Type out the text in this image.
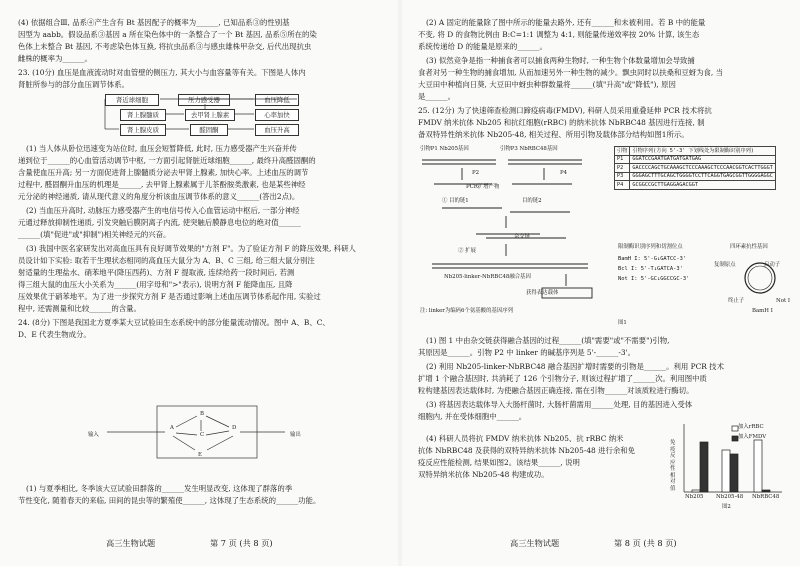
(4) 依据组合Ⅲ, 品系④产生含有 Bt 基因配子的概率为______, 已知品系③的性别基
因型为 aabb。假设品系③基因 a 所在染色体中的一条整合了一个 Bt 基因, 品系⑤所在的染
色体上未整合 Bt 基因, 不考虑染色体互换, 将抗虫品系③与感虫雄株甲杂交, 后代出现抗虫
雌株的概率为______。
23. (10分) 血压是血液流动时对血管壁的侧压力, 其大小与血容量等有关。下图是人体内
肾脏所参与的部分血压调节体系。
肾近球细胞	压力感受器	血压降低
肾上腺髓质	去甲肾上腺素	心率加快
肾上腺皮质	醛固酮	血压升高
(1) 当人体从卧位迅速变为站位时, 血压会短暂降低, 此时, 压力感受器产生兴奋并传
递到位于______的心血管活动调节中枢, 一方面引起肾脏近球细胞______, 最终升高醛固酮的
含量使血压升高; 另一方面促进肾上腺髓质分泌去甲肾上腺素, 加快心率。上述血压的调节
过程中, 醛固酮升血压的机理是______, 去甲肾上腺素属于儿茶酚胺类激素, 也是某些神经
元分泌的神经递质, 请从现代意义的角度分析该血压调节体系的意义______(答出2点)。
(2) 当血压升高时, 动脉压力感受器产生的电信号传入心血管运动中枢后, 一部分神经
元通过释放抑制性递质, 引发突触后膜阴离子内流, 使突触后膜静息电位的绝对值______
______(填"促进"或"抑制")相关神经元的兴奋。
(3) 我国中医名家研发出对高血压具有良好调节效果的"方剂 F"。为了验证方剂 F 的降压效果, 科研人
员设计如下实验: 取若干生理状态相同的高血压大鼠分为 A、B、C 三组, 给三组大鼠分别注
射适量的生理盐水、硝苯地平(降压西药)、方剂 F 提取液, 连续给药一段时间后, 若测
得三组大鼠的血压大小关系为______(用字母和">"表示), 说明方剂 F 能降血压, 且降
压效果优于硝苯地平。为了进一步探究方剂 F 是否通过影响上述血压调节体系起作用, 实验过
程中, 还需测量和比较______的含量。
24. (8分) 下图是我国北方夏季某大豆试验田生态系统中的部分能量流动情况。图中 A、B、C、
D、E 代表生物成分。
输入	输出
A
B
C
D
E
(1) 与夏季相比, 冬季该大豆试验田群落的______发生明显改变, 这体现了群落的季
节性变化, 随着春天的来临, 田间的昆虫等的繁殖使______, 这体现了生态系统的______功能。
高三生物试题	第 7 页 (共 8 页)
(2) A 固定的能量除了图中所示的能量去路外, 还有______和未被利用。若 B 中的能量
不变, 将 D 的食物比例由 B:C=1:1 调整为 4:1, 则能量传递效率按 20% 计算, 该生态
系统传递给 D 的能量是原来的______。
(3) 似然竞争是指一种捕食者可以捕食两种生物时, 一种生物个体数量增加会导致捕
食者对另一种生物的捕食增加, 从而加速另外一种生物的减少。飘虫同时以扶桑和豆蚜为食, 当
大豆田中种植向日葵, 大豆田中蚜虫种群数量将______(填"升高"或"降低"), 原因
是______。
25. (12分) 为了快速筛查检测口蹄疫病毒(FMDV), 科研人员采用重叠延伸 PCR 技术将抗
FMDV 纳米抗体 Nb205 和抗红细胞(rRBC) 的纳米抗体 NbRBC48 基因进行连接, 制
备双特异性纳米抗体 Nb205-48, 相关过程、所用引物及载体部分结构如图1所示。
引物P1 Nb205基因	引物P3 NbRBC48基因
P2	P4
PCR扩增产物
① 目的链1	目的链2
杂交链
② 扩展
Nb205-linker-NbRBC48融合基因
获得表达载体
注: linker为编码6个氨基酸的基因序列
图1
引物	引物序列(方向 5'-3' 下划线处为限制酶识别序列)
P1	GGATCCGAATGATGATGATGAG
P2	GACCCCAGCTGCAAAGCTCCCAAAGCTCCCAACGGTCACTTGGGT
P3	GGGAGCTTTGCAGCTGGGGTCCTTCAGGTGAGCGGTTGGGGAGGC
P4	GCGGCCGCTTGAGGAGACGGT
限制酶识别序列和切割位点
BamH I: 5'-G↓GATCC-3'
Bcl I: 5'-T↓GATCA-3'
Not I: 5'-GC↓GGCCGC-3'
四环素抗性基因
复制原点	启动子
终止子
BamH I
Not I
(1) 图 1 中由杂交链获得融合基因的过程______(填"需要"或"不需要")引物,
其原因是______。引物 P2 中 linker 的碱基序列是 5'-______-3'。
(2) 利用 Nb205-linker-NbRBC48 融合基因扩增时需要的引物是______。利用 PCR 技术
扩增 1 个融合基因时, 共消耗了 126 个引物分子, 则该过程扩增了______次。利用图中质
粒构建基因表达载体时, 为使融合基因正确连接, 需在引物______对该质粒进行酶切。
(3) 将基因表达载体导入大肠杆菌时, 大肠杆菌需用______处理, 目的基因进入受体
细胞内, 并在受体细胞中______。
(4) 科研人员将抗 FMDV 纳米抗体 Nb205、抗 rRBC 纳米
抗体 NbRBC48 及获得的双特异纳米抗体 Nb205-48 进行余和免
疫反应性能检测, 结果如图2。该结果______, 说明
双特异纳米抗体 Nb205-48 构建成功。
免疫反应性相对值
加入rRBC
加入FMDV
Nb205 Nb205-48 NbRBC48
图2
高三生物试题	第 8 页 (共 8 页)
